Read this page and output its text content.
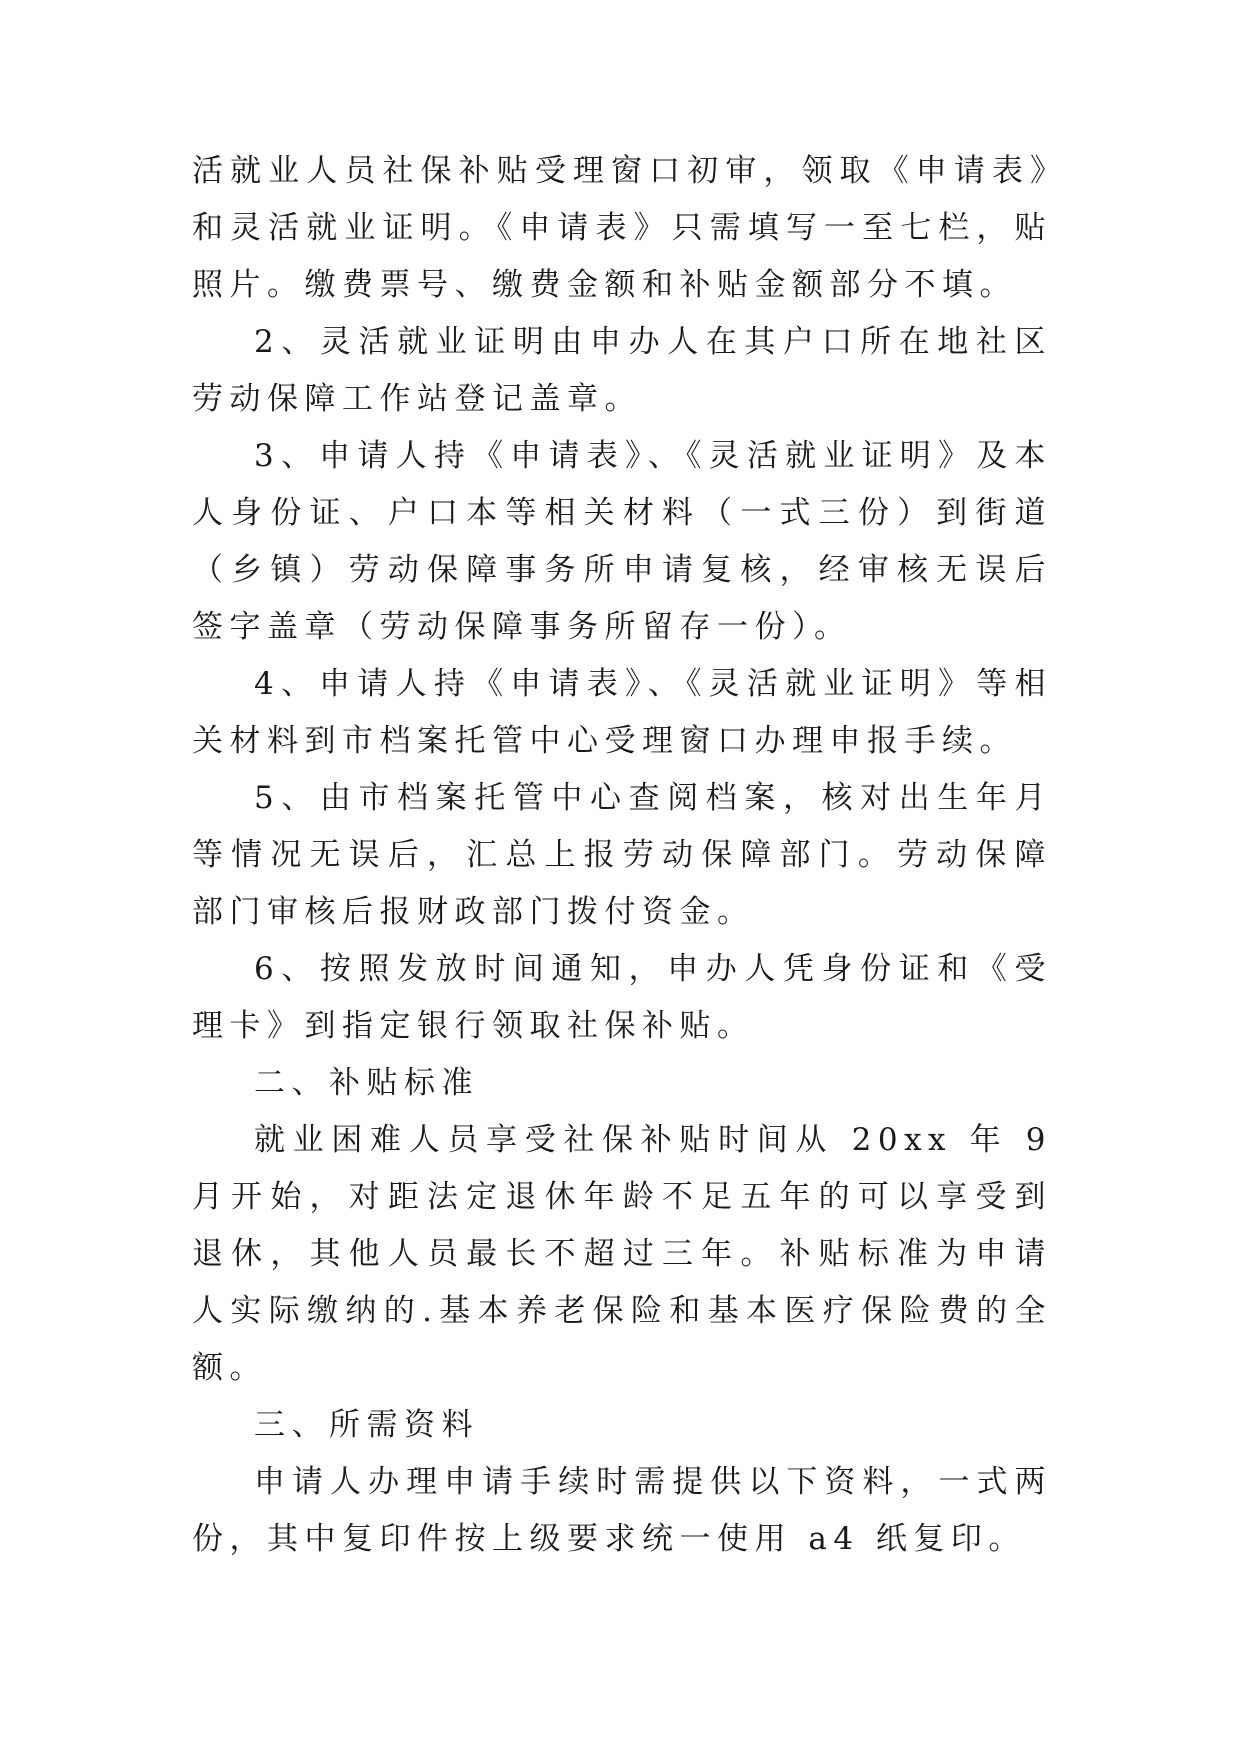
活就业人员社保补贴受理窗口初审，领取《申请表》和灵活就业证明。《申请表》只需填写一至七栏，贴照片。缴费票号、缴费金额和补贴金额部分不填。

2、灵活就业证明由申办人在其户口所在地社区劳动保障工作站登记盖章。

3、申请人持《申请表》、《灵活就业证明》及本人身份证、户口本等相关材料（一式三份）到街道（乡镇）劳动保障事务所申请复核，经审核无误后签字盖章（劳动保障事务所留存一份）。

4、申请人持《申请表》、《灵活就业证明》等相关材料到市档案托管中心受理窗口办理申报手续。

5、由市档案托管中心查阅档案，核对出生年月等情况无误后，汇总上报劳动保障部门。劳动保障部门审核后报财政部门拨付资金。

6、按照发放时间通知，申办人凭身份证和《受理卡》到指定银行领取社保补贴。

二、补贴标准

就业困难人员享受社保补贴时间从 20xx 年 9 月开始，对距法定退休年龄不足五年的可以享受到退休，其他人员最长不超过三年。补贴标准为申请人实际缴纳的.基本养老保险和基本医疗保险费的全额。

三、所需资料

申请人办理申请手续时需提供以下资料，一式两份，其中复印件按上级要求统一使用 a4 纸复印。
